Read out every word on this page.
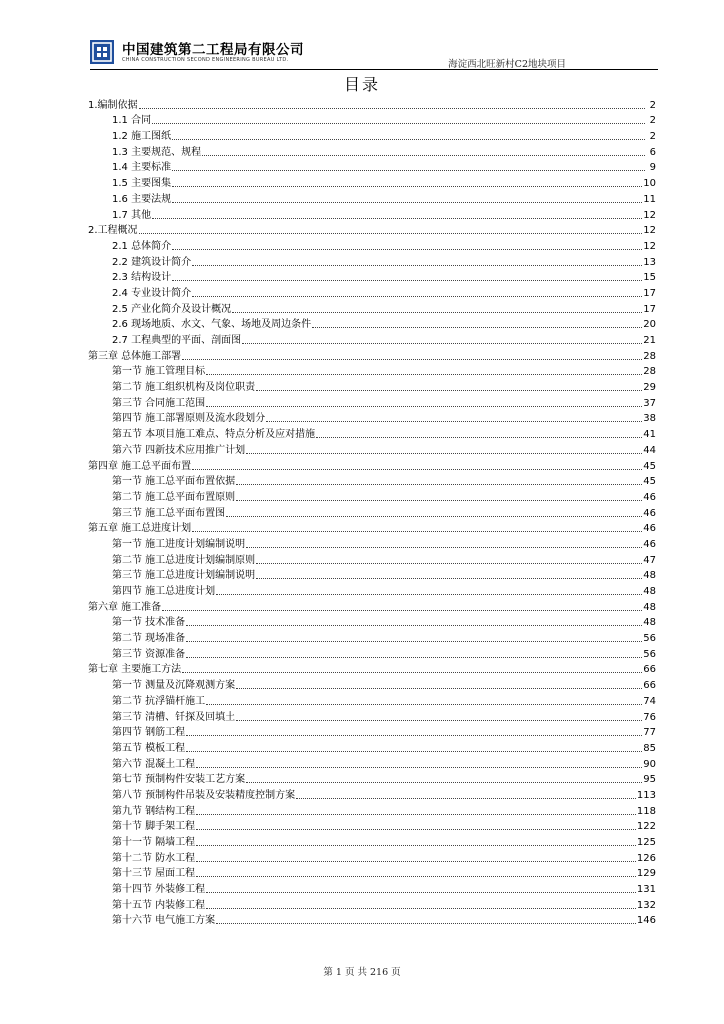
中国建筑第二工程局有限公司
CHINA CONSTRUCTION SECOND ENGINEERING BUREAU LTD.	海淀西北旺新村C2地块项目
目录
1.编制依据	2
1.1 合同	2
1.2 施工图纸	2
1.3 主要规范、规程	6
1.4 主要标准	9
1.5 主要图集	10
1.6 主要法规	11
1.7 其他	12
2.工程概况	12
2.1 总体简介	12
2.2 建筑设计简介	13
2.3 结构设计	15
2.4 专业设计简介	17
2.5 产业化简介及设计概况	17
2.6 现场地质、水文、气象、场地及周边条件	20
2.7 工程典型的平面、剖面图	21
第三章 总体施工部署	28
第一节 施工管理目标	28
第二节 施工组织机构及岗位职责	29
第三节 合同施工范围	37
第四节 施工部署原则及流水段划分	38
第五节 本项目施工难点、特点分析及应对措施	41
第六节 四新技术应用推广计划	44
第四章 施工总平面布置	45
第一节 施工总平面布置依据	45
第二节 施工总平面布置原则	46
第三节 施工总平面布置图	46
第五章 施工总进度计划	46
第一节 施工进度计划编制说明	46
第二节 施工总进度计划编制原则	47
第三节 施工总进度计划编制说明	48
第四节 施工总进度计划	48
第六章 施工准备	48
第一节 技术准备	48
第二节 现场准备	56
第三节 资源准备	56
第七章 主要施工方法	66
第一节 测量及沉降观测方案	66
第二节 抗浮锚杆施工	74
第三节 清槽、钎探及回填土	76
第四节 钢筋工程	77
第五节 模板工程	85
第六节 混凝土工程	90
第七节 预制构件安装工艺方案	95
第八节 预制构件吊装及安装精度控制方案	113
第九节 钢结构工程	118
第十节 脚手架工程	122
第十一节 隔墙工程	125
第十二节 防水工程	126
第十三节 屋面工程	129
第十四节 外装修工程	131
第十五节 内装修工程	132
第十六节 电气施工方案	146
第 1 页 共 216 页
